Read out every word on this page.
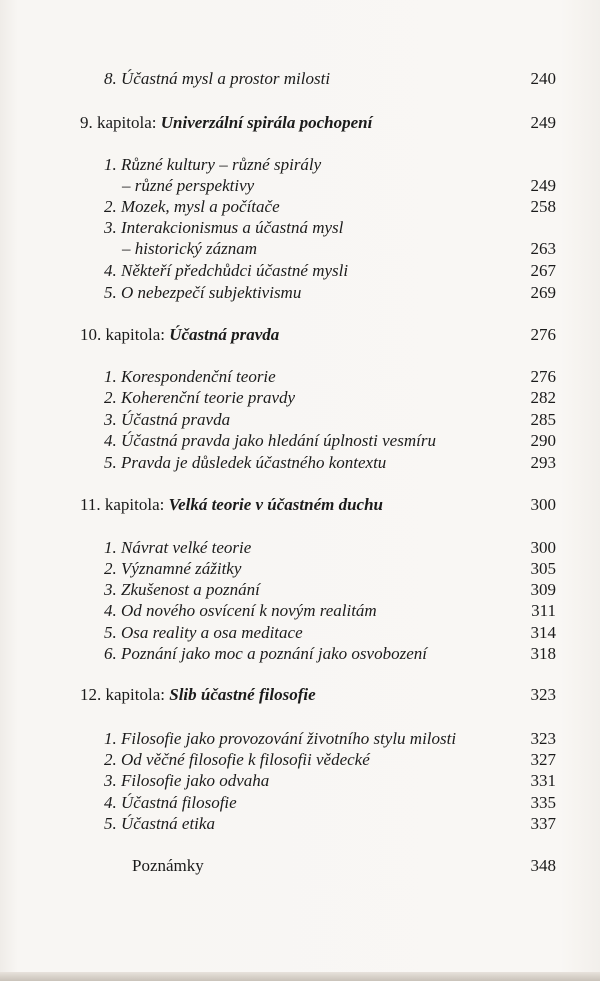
8. Účastná mysl a prostor milosti	240
9. kapitola: Univerzální spirála pochopení	249
1. Různé kultury – různé spirály
– různé perspektivy	249
2. Mozek, mysl a počítače	258
3. Interakcionismus a účastná mysl
– historický záznam	263
4. Někteří předchůdci účastné mysli	267
5. O nebezpečí subjektivismu	269
10. kapitola: Účastná pravda	276
1. Korespondenční teorie	276
2. Koherenční teorie pravdy	282
3. Účastná pravda	285
4. Účastná pravda jako hledání úplnosti vesmíru	290
5. Pravda je důsledek účastného kontextu	293
11. kapitola: Velká teorie v účastném duchu	300
1. Návrat velké teorie	300
2. Významné zážitky	305
3. Zkušenost a poznání	309
4. Od nového osvícení k novým realitám	311
5. Osa reality a osa meditace	314
6. Poznání jako moc a poznání jako osvobození	318
12. kapitola: Slib účastné filosofie	323
1. Filosofie jako provozování životního stylu milosti	323
2. Od věčné filosofie k filosofii vědecké	327
3. Filosofie jako odvaha	331
4. Účastná filosofie	335
5. Účastná etika	337
Poznámky	348
